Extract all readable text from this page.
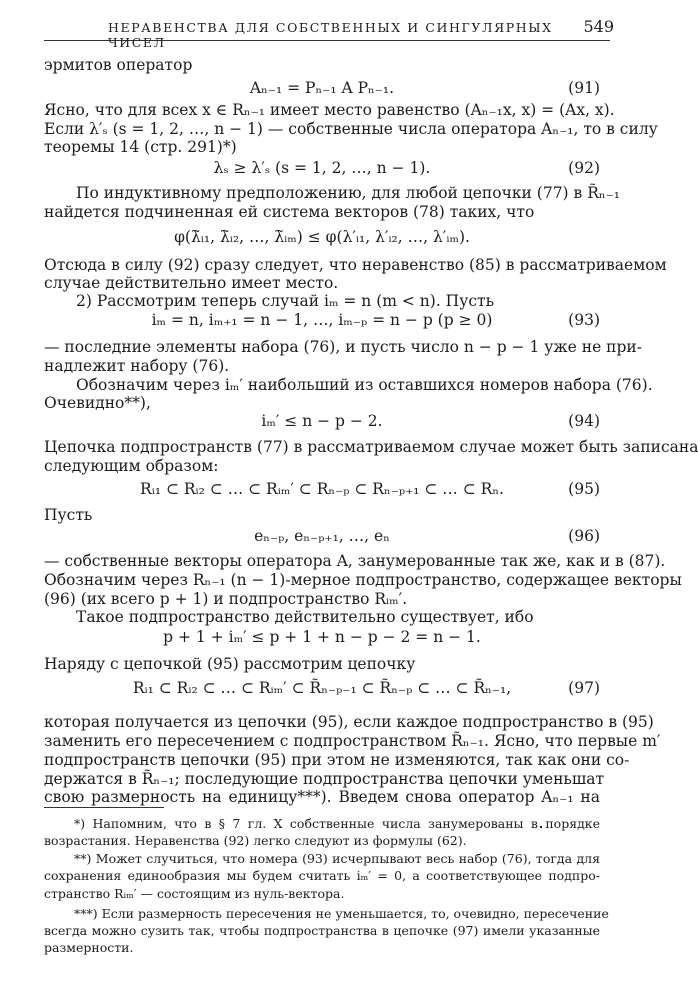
НЕРАВЕНСТВА ДЛЯ СОБСТВЕННЫХ И СИНГУЛЯРНЫХ ЧИСЕЛ
549
эрмитов оператор
Aₙ₋₁ = Pₙ₋₁ A Pₙ₋₁.	(91)
Ясно, что для всех x ∈ Rₙ₋₁ имеет место равенство (Aₙ₋₁x, x) = (Ax, x).
Если λ′ₛ (s = 1, 2, …, n − 1) — собственные числа оператора Aₙ₋₁, то в силу
теоремы 14 (стр. 291)*)
λₛ ≥ λ′ₛ (s = 1, 2, …, n − 1).	(92)
По индуктивному предположению, для любой цепочки (77) в R̃ₙ₋₁
найдется подчиненная ей система векторов (78) таких, что
φ(λ̃ᵢ₁, λ̃ᵢ₂, …, λ̃ᵢₘ) ≤ φ(λ′ᵢ₁, λ′ᵢ₂, …, λ′ᵢₘ).
Отсюда в силу (92) сразу следует, что неравенство (85) в рассматриваемом
случае действительно имеет место.
2) Рассмотрим теперь случай iₘ = n (m < n). Пусть
iₘ = n, iₘ₊₁ = n − 1, …, iₘ₋ₚ = n − p (p ≥ 0)	(93)
— последние элементы набора (76), и пусть число n − p − 1 уже не при-
надлежит набору (76).
Обозначим через iₘ′ наибольший из оставшихся номеров набора (76).
Очевидно**),
iₘ′ ≤ n − p − 2.	(94)
Цепочка подпространств (77) в рассматриваемом случае может быть записана
следующим образом:
Rᵢ₁ ⊂ Rᵢ₂ ⊂ … ⊂ Rᵢₘ′ ⊂ Rₙ₋ₚ ⊂ Rₙ₋ₚ₊₁ ⊂ … ⊂ Rₙ.	(95)
Пусть
eₙ₋ₚ, eₙ₋ₚ₊₁, …, eₙ	(96)
— собственные векторы оператора A, занумерованные так же, как и в (87).
Обозначим через Rₙ₋₁ (n − 1)-мерное подпространство, содержащее векторы
(96) (их всего p + 1) и подпространство Rᵢₘ′.
Такое подпространство действительно существует, ибо
p + 1 + iₘ′ ≤ p + 1 + n − p − 2 = n − 1.
Наряду с цепочкой (95) рассмотрим цепочку
Rᵢ₁ ⊂ Rᵢ₂ ⊂ … ⊂ Rᵢₘ′ ⊂ R̃ₙ₋ₚ₋₁ ⊂ R̃ₙ₋ₚ ⊂ … ⊂ R̃ₙ₋₁,	(97)
которая получается из цепочки (95), если каждое подпространство в (95)
заменить его пересечением с подпространством R̃ₙ₋₁. Ясно, что первые m′
подпространств цепочки (95) при этом не изменяются, так как они со-
держатся в R̃ₙ₋₁; последующие подпространства цепочки уменьшат
свою размерность на единицу***). Введем снова оператор Aₙ₋₁ на
*) Напомним, что в § 7 гл. X собственные числа занумерованы в порядке
возрастания. Неравенства (92) легко следуют из формулы (62).
**) Может случиться, что номера (93) исчерпывают весь набор (76), тогда для
сохранения единообразия мы будем считать iₘ′ = 0, а соответствующее подпро-
странство Rᵢₘ′ — состоящим из нуль-вектора.
***) Если размерность пересечения не уменьшается, то, очевидно, пересечение
всегда можно сузить так, чтобы подпространства в цепочке (97) имели указанные
размерности.
